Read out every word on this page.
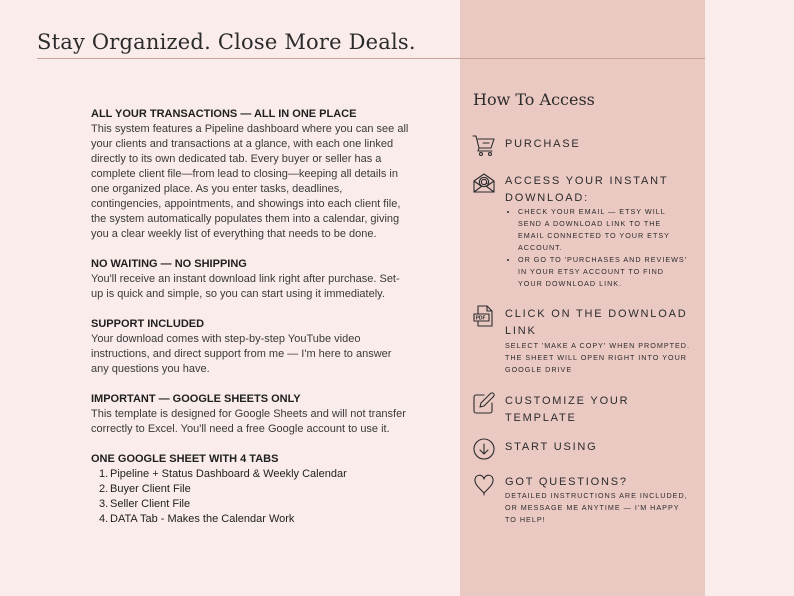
Stay Organized. Close More Deals.
ALL YOUR TRANSACTIONS — ALL IN ONE PLACE

This system features a Pipeline dashboard where you can see all your clients and transactions at a glance, with each one linked directly to its own dedicated tab. Every buyer or seller has a complete client file—from lead to closing—keeping all details in one organized place. As you enter tasks, deadlines, contingencies, appointments, and showings into each client file, the system automatically populates them into a calendar, giving you a clear weekly list of everything that needs to be done.

NO WAITING — NO SHIPPING

You'll receive an instant download link right after purchase. Set-up is quick and simple, so you can start using it immediately.

SUPPORT INCLUDED

Your download comes with step-by-step YouTube video instructions, and direct support from me — I'm here to answer any questions you have.

IMPORTANT — GOOGLE SHEETS ONLY

This template is designed for Google Sheets and will not transfer correctly to Excel. You'll need a free Google account to use it.

ONE GOOGLE SHEET WITH 4 TABS
1. Pipeline + Status Dashboard & Weekly Calendar
2. Buyer Client File
3. Seller Client File
4. DATA Tab - Makes the Calendar Work
How To Access
PURCHASE
ACCESS YOUR INSTANT DOWNLOAD:
• CHECK YOUR EMAIL — ETSY WILL SEND A DOWNLOAD LINK TO THE EMAIL CONNECTED TO YOUR ETSY ACCOUNT.
• OR GO TO 'PURCHASES AND REVIEWS' IN YOUR ETSY ACCOUNT TO FIND YOUR DOWNLOAD LINK.
PDF CLICK ON THE DOWNLOAD LINK

SELECT 'MAKE A COPY' WHEN PROMPTED. THE SHEET WILL OPEN RIGHT INTO YOUR GOOGLE DRIVE

CUSTOMIZE YOUR TEMPLATE
START USING
GOT QUESTIONS?

DETAILED INSTRUCTIONS ARE INCLUDED, OR MESSAGE ME ANYTIME — I'M HAPPY TO HELP!
